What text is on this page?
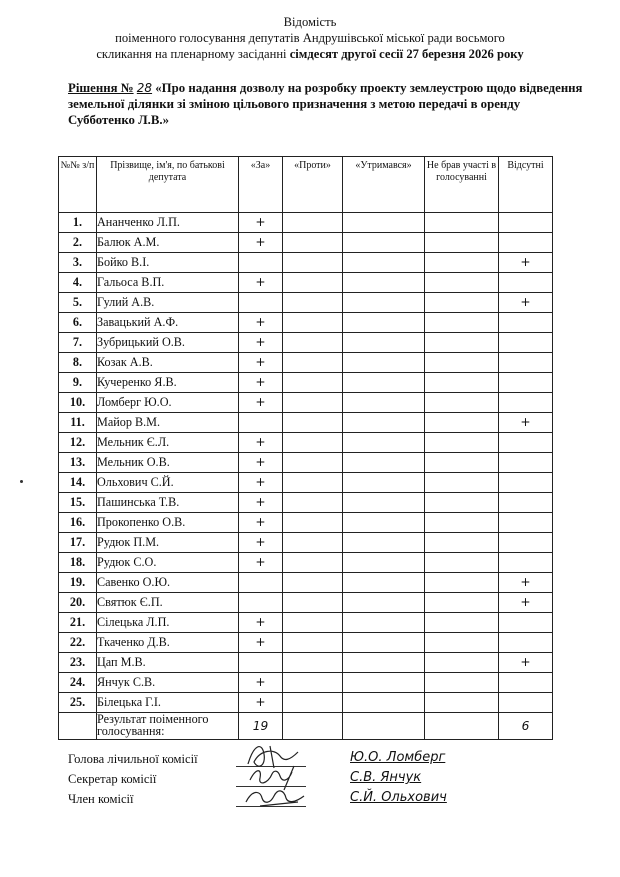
Відомість
поіменного голосування депутатів Андрушівської міської ради восьмого
скликання на пленарному засіданні сімдесят другої сесії 27 березня 2026 року
Рішення № 28 «Про надання дозволу на розробку проекту землеустрою щодо відведення земельної ділянки зі зміною цільового призначення з метою передачі в оренду Субботенко Л.В.»
№№ з/п	Прізвище, ім'я, по батькові депутата	«За»	«Проти»	«Утримався»	Не брав участі в голосуванні	Відсутні
1.	Ананченко Л.П.	+				
2.	Балюк А.М.	+				
3.	Бойко В.І.					+
4.	Гальоса В.П.	+				
5.	Гулий А.В.					+
6.	Завацький А.Ф.	+				
7.	Зубрицький О.В.	+				
8.	Козак А.В.	+				
9.	Кучеренко Я.В.	+				
10.	Ломберг Ю.О.	+				
11.	Майор В.М.					+
12.	Мельник Є.Л.	+				
13.	Мельник О.В.	+				
14.	Ольхович С.Й.	+				
15.	Пашинська Т.В.	+				
16.	Прокопенко О.В.	+				
17.	Рудюк П.М.	+				
18.	Рудюк С.О.	+				
19.	Савенко О.Ю.					+
20.	Святюк Є.П.					+
21.	Сілецька Л.П.	+				
22.	Ткаченко Д.В.	+				
23.	Цап М.В.					+
24.	Янчук С.В.	+				
25.	Білецька Г.І.	+				
	Результат поіменного голосування:	19				6
Голова лічильної комісії	Ю.О. Ломберг
Секретар комісії	С.В. Янчук
Член комісії	С.Й. Ольхович
